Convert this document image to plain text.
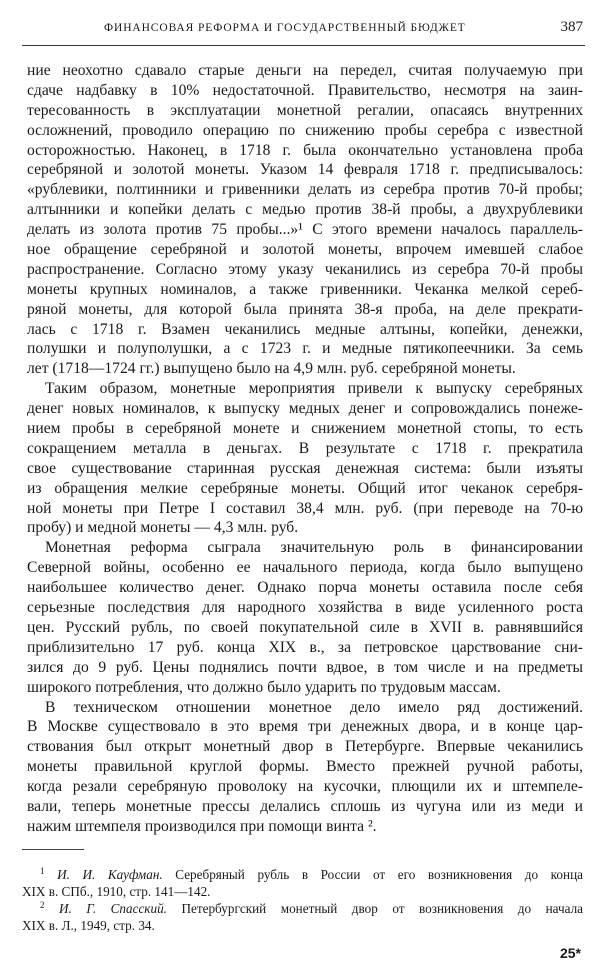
ФИНАНСОВАЯ РЕФОРМА И ГОСУДАРСТВЕННЫЙ БЮДЖЕТ	387
ние неохотно сдавало старые деньги на передел, считая получаемую при
сдаче надбавку в 10% недостаточной. Правительство, несмотря на заин-
тересованность в эксплуатации монетной регалии, опасаясь внутренних
осложнений, проводило операцию по снижению пробы серебра с известной
осторожностью. Наконец, в 1718 г. была окончательно установлена проба
серебряной и золотой монеты. Указом 14 февраля 1718 г. предписывалось:
«рублевики, полтинники и гривенники делать из серебра против 70-й пробы;
алтынники и копейки делать с медью против 38-й пробы, а двухрублевики
делать из золота против 75 пробы...»¹ С этого времени началось параллель-
ное обращение серебряной и золотой монеты, впрочем имевшей слабое
распространение. Согласно этому указу чеканились из серебра 70-й пробы
монеты крупных номиналов, а также гривенники. Чеканка мелкой сереб-
ряной монеты, для которой была принята 38-я проба, на деле прекрати-
лась с 1718 г. Взамен чеканились медные алтыны, копейки, денежки,
полушки и полуполушки, а с 1723 г. и медные пятикопеечники. За семь
лет (1718—1724 гг.) выпущено было на 4,9 млн. руб. серебряной монеты.
Таким образом, монетные мероприятия привели к выпуску серебряных
денег новых номиналов, к выпуску медных денег и сопровождались понеже-
нием пробы в серебряной монете и снижением монетной стопы, то есть
сокращением металла в деньгах. В результате с 1718 г. прекратила
свое существование старинная русская денежная система: были изъяты
из обращения мелкие серебряные монеты. Общий итог чеканок серебря-
ной монеты при Петре I составил 38,4 млн. руб. (при переводе на 70-ю
пробу) и медной монеты — 4,3 млн. руб.
Монетная реформа сыграла значительную роль в финансировании
Северной войны, особенно ее начального периода, когда было выпущено
наибольшее количество денег. Однако порча монеты оставила после себя
серьезные последствия для народного хозяйства в виде усиленного роста
цен. Русский рубль, по своей покупательной силе в XVII в. равнявшийся
приблизительно 17 руб. конца XIX в., за петровское царствование сни-
зился до 9 руб. Цены поднялись почти вдвое, в том числе и на предметы
широкого потребления, что должно было ударить по трудовым массам.
В техническом отношении монетное дело имело ряд достижений.
В Москве существовало в это время три денежных двора, и в конце цар-
ствования был открыт монетный двор в Петербурге. Впервые чеканились
монеты правильной круглой формы. Вместо прежней ручной работы,
когда резали серебряную проволоку на кусочки, плющили их и штемпеле-
вали, теперь монетные прессы делались сплошь из чугуна или из меди и
нажим штемпеля производился при помощи винта ².
$^1$ И. И. Кауфман. Серебряный рубль в России от его возникновения до конца
XIX в. СПб., 1910, стр. 141—142.
$^2$ И. Г. Спасский. Петербургский монетный двор от возникновения до начала
XIX в. Л., 1949, стр. 34.
25*
